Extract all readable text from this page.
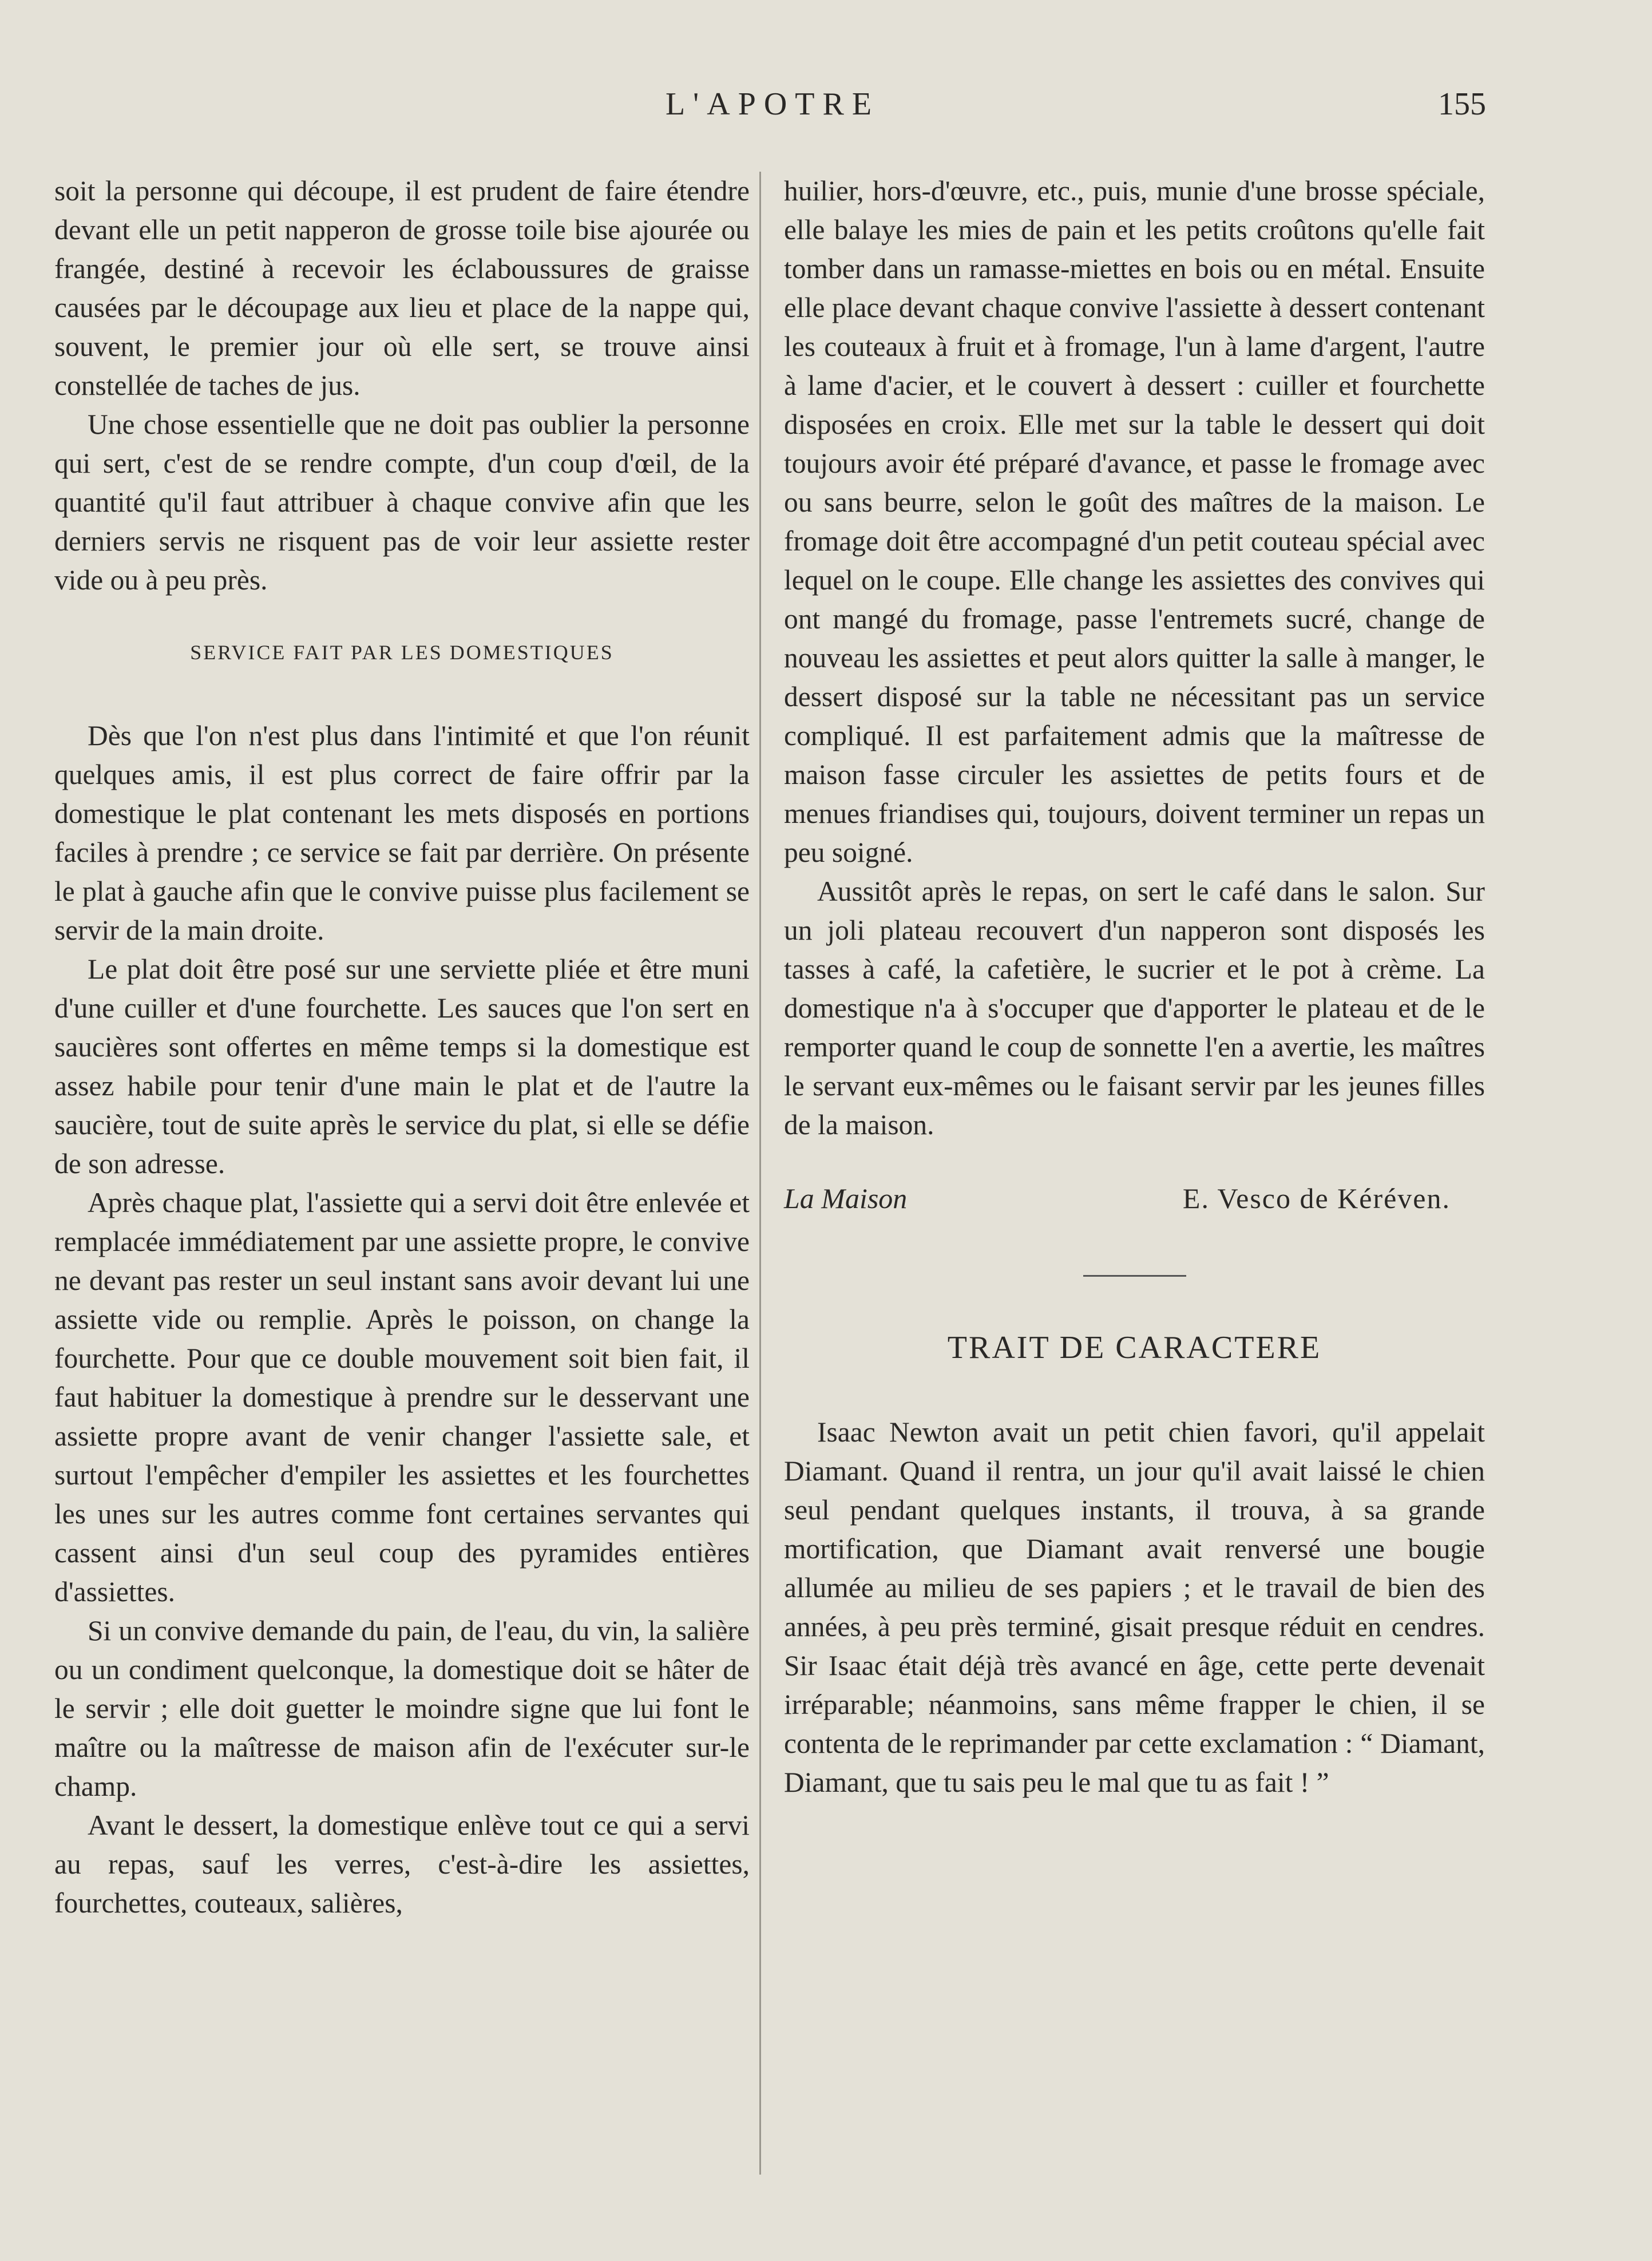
L'APOTRE	155

soit la personne qui découpe, il est prudent de faire étendre devant elle un petit napperon de grosse toile bise ajourée ou frangée, destiné à recevoir les éclaboussures de graisse causées par le découpage aux lieu et place de la nappe qui, souvent, le premier jour où elle sert, se trouve ainsi constellée de taches de jus.

Une chose essentielle que ne doit pas oublier la personne qui sert, c'est de se rendre compte, d'un coup d'œil, de la quantité qu'il faut attribuer à chaque convive afin que les derniers servis ne risquent pas de voir leur assiette rester vide ou à peu près.

SERVICE FAIT PAR LES DOMESTIQUES

Dès que l'on n'est plus dans l'intimité et que l'on réunit quelques amis, il est plus correct de faire offrir par la domestique le plat contenant les mets disposés en portions faciles à prendre ; ce service se fait par derrière. On présente le plat à gauche afin que le convive puisse plus facilement se servir de la main droite.

Le plat doit être posé sur une serviette pliée et être muni d'une cuiller et d'une fourchette. Les sauces que l'on sert en saucières sont offertes en même temps si la domestique est assez habile pour tenir d'une main le plat et de l'autre la saucière, tout de suite après le service du plat, si elle se défie de son adresse.

Après chaque plat, l'assiette qui a servi doit être enlevée et remplacée immédiatement par une assiette propre, le convive ne devant pas rester un seul instant sans avoir devant lui une assiette vide ou remplie. Après le poisson, on change la fourchette. Pour que ce double mouvement soit bien fait, il faut habituer la domestique à prendre sur le desservant une assiette propre avant de venir changer l'assiette sale, et surtout l'empêcher d'empiler les assiettes et les fourchettes les unes sur les autres comme font certaines servantes qui cassent ainsi d'un seul coup des pyramides entières d'assiettes.

Si un convive demande du pain, de l'eau, du vin, la salière ou un condiment quelconque, la domestique doit se hâter de le servir ; elle doit guetter le moindre signe que lui font le maître ou la maîtresse de maison afin de l'exécuter sur-le champ.

Avant le dessert, la domestique enlève tout ce qui a servi au repas, sauf les verres, c'est-à-dire les assiettes, fourchettes, couteaux, salières,

huilier, hors-d'œuvre, etc., puis, munie d'une brosse spéciale, elle balaye les mies de pain et les petits croûtons qu'elle fait tomber dans un ramasse-miettes en bois ou en métal. Ensuite elle place devant chaque convive l'assiette à dessert contenant les couteaux à fruit et à fromage, l'un à lame d'argent, l'autre à lame d'acier, et le couvert à dessert : cuiller et fourchette disposées en croix. Elle met sur la table le dessert qui doit toujours avoir été préparé d'avance, et passe le fromage avec ou sans beurre, selon le goût des maîtres de la maison. Le fromage doit être accompagné d'un petit couteau spécial avec lequel on le coupe. Elle change les assiettes des convives qui ont mangé du fromage, passe l'entremets sucré, change de nouveau les assiettes et peut alors quitter la salle à manger, le dessert disposé sur la table ne nécessitant pas un service compliqué. Il est parfaitement admis que la maîtresse de maison fasse circuler les assiettes de petits fours et de menues friandises qui, toujours, doivent terminer un repas un peu soigné.

Aussitôt après le repas, on sert le café dans le salon. Sur un joli plateau recouvert d'un napperon sont disposés les tasses à café, la cafetière, le sucrier et le pot à crème. La domestique n'a à s'occuper que d'apporter le plateau et de le remporter quand le coup de sonnette l'en a avertie, les maîtres le servant eux-mêmes ou le faisant servir par les jeunes filles de la maison.

La Maison	E. Vesco de Kéréven.
TRAIT DE CARACTERE

Isaac Newton avait un petit chien favori, qu'il appelait Diamant. Quand il rentra, un jour qu'il avait laissé le chien seul pendant quelques instants, il trouva, à sa grande mortification, que Diamant avait renversé une bougie allumée au milieu de ses papiers ; et le travail de bien des années, à peu près terminé, gisait presque réduit en cendres. Sir Isaac était déjà très avancé en âge, cette perte devenait irréparable; néanmoins, sans même frapper le chien, il se contenta de le reprimander par cette exclamation : “ Diamant, Diamant, que tu sais peu le mal que tu as fait ! ”
